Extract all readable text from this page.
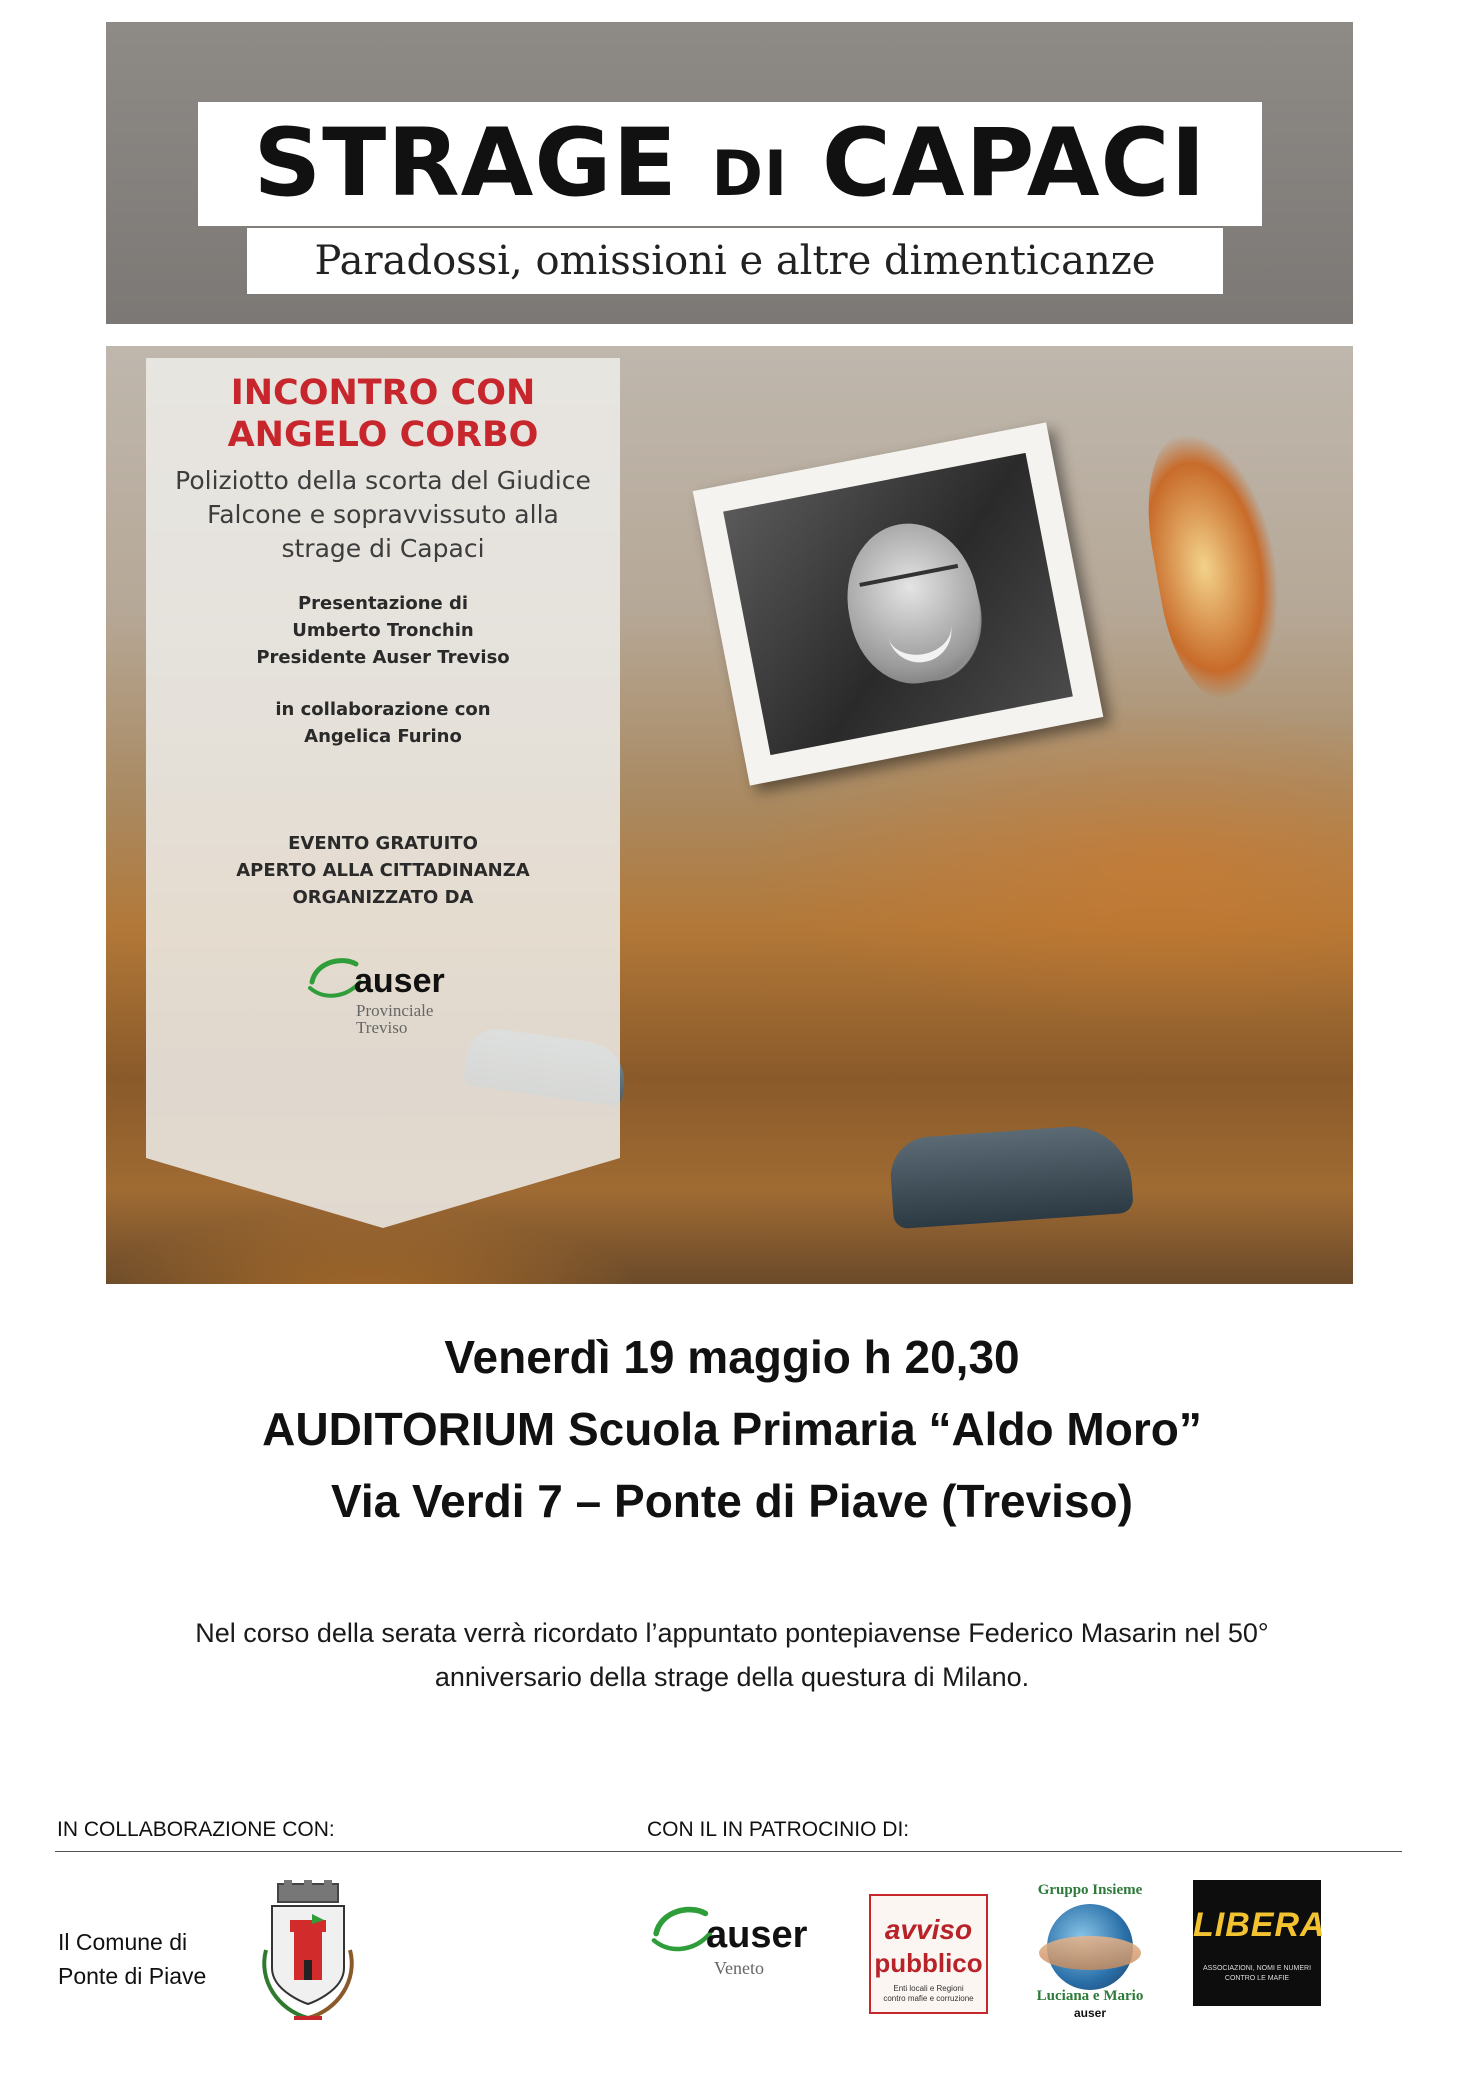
STRAGE DI CAPACI
Paradossi, omissioni e altre dimenticanze
INCONTRO CON
ANGELO CORBO
Poliziotto della scorta del Giudice
Falcone e sopravvissuto alla
strage di Capaci
Presentazione di
Umberto Tronchin
Presidente Auser Treviso
in collaborazione con
Angelica Furino
EVENTO GRATUITO
APERTO ALLA CITTADINANZA
ORGANIZZATO DA
auser
Provinciale
Treviso
Venerdì 19 maggio h 20,30
AUDITORIUM Scuola Primaria “Aldo Moro”
Via Verdi 7 – Ponte di Piave (Treviso)
Nel corso della serata verrà ricordato l’appuntato pontepiavense Federico Masarin nel 50°
anniversario della strage della questura di Milano.
IN COLLABORAZIONE CON:	CON IL IN PATROCINIO DI:
Il Comune di
Ponte di Piave
auser
Veneto
avviso
pubblico
Enti locali e Regioni
contro mafie e corruzione
Gruppo Insieme
Luciana e Mario
auser
LIBERA
ASSOCIAZIONI, NOMI E NUMERI
CONTRO LE MAFIE
